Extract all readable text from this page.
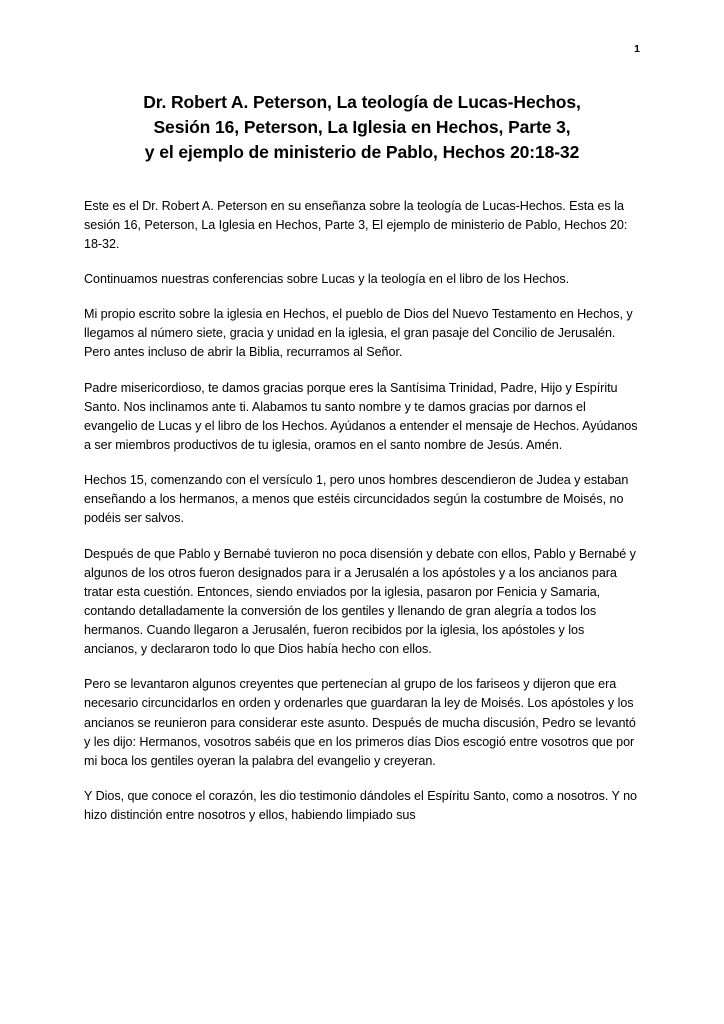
1
Dr. Robert A. Peterson, La teología de Lucas-Hechos,
Sesión 16, Peterson, La Iglesia en Hechos, Parte 3,
y el ejemplo de ministerio de Pablo, Hechos 20:18-32

Este es el Dr. Robert A. Peterson en su enseñanza sobre la teología de Lucas-Hechos. Esta es la sesión 16, Peterson, La Iglesia en Hechos, Parte 3, El ejemplo de ministerio de Pablo, Hechos 20: 18-32.

Continuamos nuestras conferencias sobre Lucas y la teología en el libro de los Hechos.

Mi propio escrito sobre la iglesia en Hechos, el pueblo de Dios del Nuevo Testamento en Hechos, y llegamos al número siete, gracia y unidad en la iglesia, el gran pasaje del Concilio de Jerusalén. Pero antes incluso de abrir la Biblia, recurramos al Señor.

Padre misericordioso, te damos gracias porque eres la Santísima Trinidad, Padre, Hijo y Espíritu Santo. Nos inclinamos ante ti. Alabamos tu santo nombre y te damos gracias por darnos el evangelio de Lucas y el libro de los Hechos. Ayúdanos a entender el mensaje de Hechos. Ayúdanos a ser miembros productivos de tu iglesia, oramos en el santo nombre de Jesús. Amén.

Hechos 15, comenzando con el versículo 1, pero unos hombres descendieron de Judea y estaban enseñando a los hermanos, a menos que estéis circuncidados según la costumbre de Moisés, no podéis ser salvos.

Después de que Pablo y Bernabé tuvieron no poca disensión y debate con ellos, Pablo y Bernabé y algunos de los otros fueron designados para ir a Jerusalén a los apóstoles y a los ancianos para tratar esta cuestión. Entonces, siendo enviados por la iglesia, pasaron por Fenicia y Samaria, contando detalladamente la conversión de los gentiles y llenando de gran alegría a todos los hermanos. Cuando llegaron a Jerusalén, fueron recibidos por la iglesia, los apóstoles y los ancianos, y declararon todo lo que Dios había hecho con ellos.

Pero se levantaron algunos creyentes que pertenecían al grupo de los fariseos y dijeron que era necesario circuncidarlos en orden y ordenarles que guardaran la ley de Moisés. Los apóstoles y los ancianos se reunieron para considerar este asunto. Después de mucha discusión, Pedro se levantó y les dijo: Hermanos, vosotros sabéis que en los primeros días Dios escogió entre vosotros que por mi boca los gentiles oyeran la palabra del evangelio y creyeran.

Y Dios, que conoce el corazón, les dio testimonio dándoles el Espíritu Santo, como a nosotros. Y no hizo distinción entre nosotros y ellos, habiendo limpiado sus
